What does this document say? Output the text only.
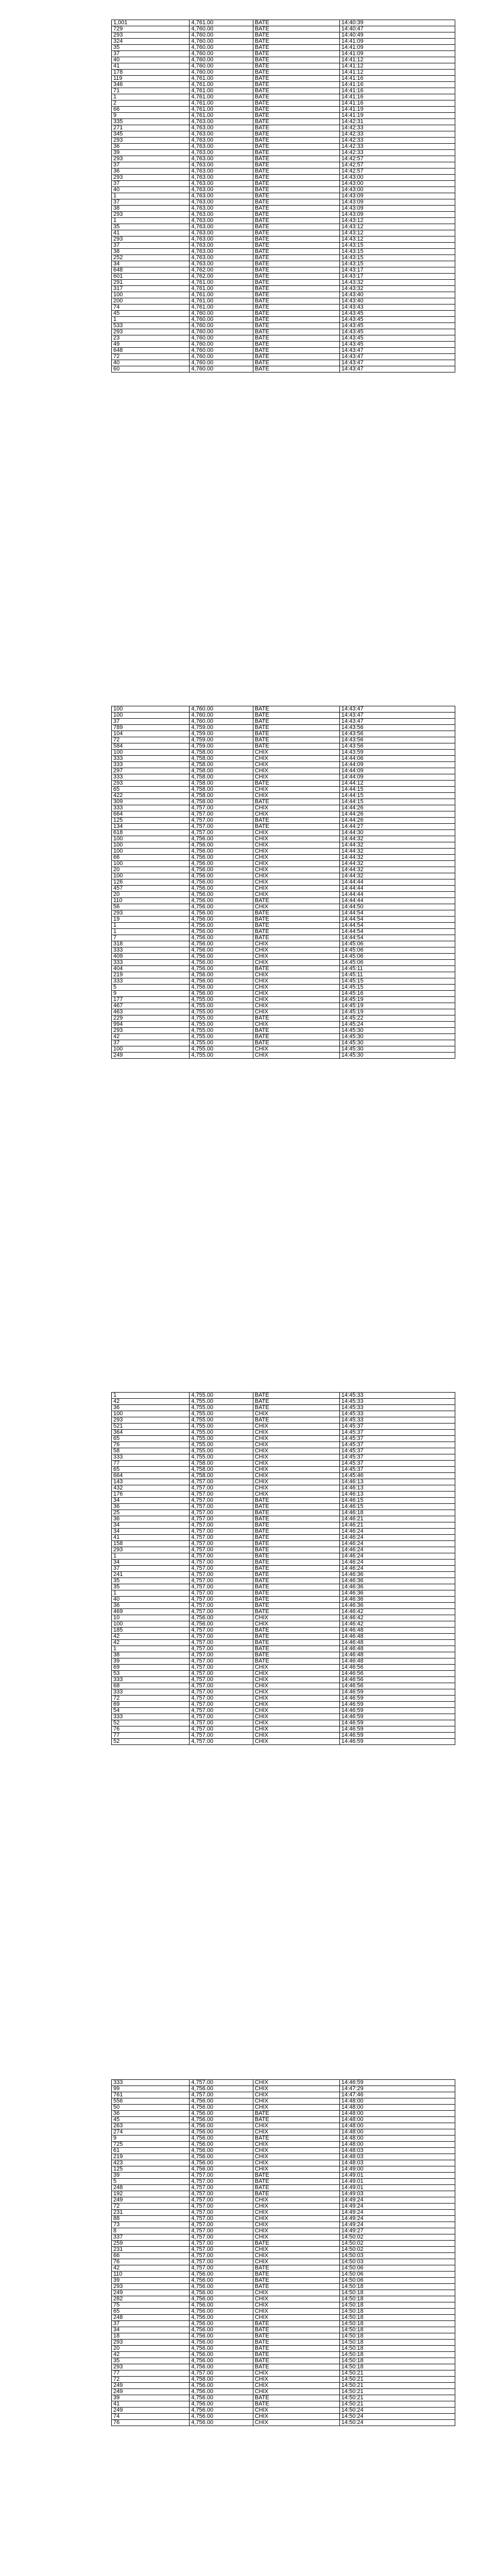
1,001	4,761.00	BATE	14:40:39
729	4,760.00	BATE	14:40:47
293	4,760.00	BATE	14:40:49
324	4,760.00	BATE	14:41:09
35	4,760.00	BATE	14:41:09
37	4,760.00	BATE	14:41:09
40	4,760.00	BATE	14:41:12
41	4,760.00	BATE	14:41:12
178	4,760.00	BATE	14:41:12
119	4,761.00	BATE	14:41:16
346	4,761.00	BATE	14:41:16
71	4,761.00	BATE	14:41:16
1	4,761.00	BATE	14:41:16
2	4,761.00	BATE	14:41:16
66	4,761.00	BATE	14:41:19
9	4,761.00	BATE	14:41:19
335	4,763.00	BATE	14:42:31
271	4,763.00	BATE	14:42:33
345	4,763.00	BATE	14:42:33
293	4,763.00	BATE	14:42:33
36	4,763.00	BATE	14:42:33
39	4,763.00	BATE	14:42:33
293	4,763.00	BATE	14:42:57
37	4,763.00	BATE	14:42:57
36	4,763.00	BATE	14:42:57
293	4,763.00	BATE	14:43:00
37	4,763.00	BATE	14:43:00
40	4,763.00	BATE	14:43:00
1	4,763.00	BATE	14:43:09
37	4,763.00	BATE	14:43:09
38	4,763.00	BATE	14:43:09
293	4,763.00	BATE	14:43:09
1	4,763.00	BATE	14:43:12
35	4,763.00	BATE	14:43:12
41	4,763.00	BATE	14:43:12
293	4,763.00	BATE	14:43:12
37	4,763.00	BATE	14:43:15
38	4,763.00	BATE	14:43:15
252	4,763.00	BATE	14:43:15
34	4,763.00	BATE	14:43:15
648	4,762.00	BATE	14:43:17
601	4,762.00	BATE	14:43:17
291	4,761.00	BATE	14:43:32
317	4,761.00	BATE	14:43:32
100	4,761.00	BATE	14:43:40
200	4,761.00	BATE	14:43:40
74	4,761.00	BATE	14:43:43
45	4,760.00	BATE	14:43:45
1	4,760.00	BATE	14:43:45
533	4,760.00	BATE	14:43:45
293	4,760.00	BATE	14:43:45
23	4,760.00	BATE	14:43:45
49	4,760.00	BATE	14:43:45
648	4,760.00	BATE	14:43:47
72	4,760.00	BATE	14:43:47
40	4,760.00	BATE	14:43:47
60	4,760.00	BATE	14:43:47
100	4,760.00	BATE	14:43:47
100	4,760.00	BATE	14:43:47
37	4,760.00	BATE	14:43:47
789	4,759.00	BATE	14:43:56
104	4,759.00	BATE	14:43:56
72	4,759.00	BATE	14:43:56
584	4,759.00	BATE	14:43:56
100	4,758.00	CHIX	14:43:59
333	4,758.00	CHIX	14:44:06
333	4,758.00	CHIX	14:44:09
297	4,758.00	CHIX	14:44:09
333	4,758.00	CHIX	14:44:09
293	4,758.00	BATE	14:44:12
65	4,758.00	CHIX	14:44:15
422	4,758.00	CHIX	14:44:15
309	4,758.00	BATE	14:44:15
333	4,757.00	CHIX	14:44:26
664	4,757.00	CHIX	14:44:26
125	4,757.00	BATE	14:44:26
134	4,757.00	BATE	14:44:27
618	4,757.00	CHIX	14:44:30
100	4,756.00	CHIX	14:44:32
100	4,756.00	CHIX	14:44:32
100	4,756.00	CHIX	14:44:32
66	4,756.00	CHIX	14:44:32
100	4,756.00	CHIX	14:44:32
20	4,756.00	CHIX	14:44:32
100	4,756.00	CHIX	14:44:32
126	4,756.00	CHIX	14:44:44
457	4,756.00	CHIX	14:44:44
20	4,756.00	CHIX	14:44:44
110	4,756.00	BATE	14:44:44
56	4,756.00	CHIX	14:44:50
293	4,756.00	BATE	14:44:54
19	4,756.00	BATE	14:44:54
1	4,756.00	BATE	14:44:54
1	4,756.00	BATE	14:44:54
7	4,756.00	BATE	14:44:54
318	4,756.00	CHIX	14:45:06
333	4,756.00	CHIX	14:45:06
409	4,756.00	CHIX	14:45:06
333	4,756.00	CHIX	14:45:06
404	4,756.00	BATE	14:45:11
219	4,756.00	CHIX	14:45:11
333	4,756.00	CHIX	14:45:15
5	4,756.00	CHIX	14:45:15
9	4,756.00	CHIX	14:45:16
177	4,755.00	CHIX	14:45:19
467	4,755.00	CHIX	14:45:19
463	4,755.00	CHIX	14:45:19
229	4,755.00	BATE	14:45:22
994	4,755.00	CHIX	14:45:24
293	4,755.00	BATE	14:45:30
42	4,755.00	BATE	14:45:30
37	4,755.00	BATE	14:45:30
100	4,755.00	CHIX	14:45:30
249	4,755.00	CHIX	14:45:30
1	4,755.00	BATE	14:45:33
42	4,755.00	BATE	14:45:33
36	4,755.00	BATE	14:45:33
100	4,755.00	CHIX	14:45:33
293	4,755.00	BATE	14:45:33
521	4,755.00	CHIX	14:45:37
364	4,755.00	CHIX	14:45:37
65	4,755.00	CHIX	14:45:37
76	4,755.00	CHIX	14:45:37
58	4,755.00	CHIX	14:45:37
333	4,755.00	CHIX	14:45:37
77	4,758.00	CHIX	14:45:37
65	4,758.00	CHIX	14:45:37
664	4,758.00	CHIX	14:45:46
143	4,757.00	CHIX	14:46:13
432	4,757.00	CHIX	14:46:13
176	4,757.00	CHIX	14:46:13
34	4,757.00	BATE	14:46:15
36	4,757.00	BATE	14:46:15
25	4,757.00	BATE	14:46:18
36	4,757.00	BATE	14:46:21
34	4,757.00	BATE	14:46:21
34	4,757.00	BATE	14:46:24
41	4,757.00	BATE	14:46:24
158	4,757.00	BATE	14:46:24
293	4,757.00	BATE	14:46:24
1	4,757.00	BATE	14:46:24
34	4,757.00	BATE	14:46:24
37	4,757.00	BATE	14:46:24
241	4,757.00	BATE	14:46:36
35	4,757.00	BATE	14:46:36
35	4,757.00	BATE	14:46:36
1	4,757.00	BATE	14:46:36
40	4,757.00	BATE	14:46:36
36	4,757.00	BATE	14:46:36
469	4,757.00	BATE	14:46:42
10	4,756.00	CHIX	14:46:42
100	4,756.00	CHIX	14:46:42
185	4,757.00	BATE	14:46:48
42	4,757.00	BATE	14:46:48
42	4,757.00	BATE	14:46:48
1	4,757.00	BATE	14:46:48
38	4,757.00	BATE	14:46:48
39	4,757.00	BATE	14:46:48
69	4,757.00	CHIX	14:46:56
53	4,757.00	CHIX	14:46:56
333	4,757.00	CHIX	14:46:56
68	4,757.00	CHIX	14:46:56
333	4,757.00	CHIX	14:46:59
72	4,757.00	CHIX	14:46:59
69	4,757.00	CHIX	14:46:59
54	4,757.00	CHIX	14:46:59
333	4,757.00	CHIX	14:46:59
52	4,757.00	CHIX	14:46:59
76	4,757.00	CHIX	14:46:59
77	4,757.00	CHIX	14:46:59
52	4,757.00	CHIX	14:46:59
333	4,757.00	CHIX	14:46:59
99	4,756.00	CHIX	14:47:29
761	4,757.00	CHIX	14:47:46
556	4,756.00	CHIX	14:48:00
50	4,756.00	CHIX	14:48:00
36	4,756.00	BATE	14:48:00
45	4,756.00	BATE	14:48:00
263	4,756.00	CHIX	14:48:00
274	4,756.00	CHIX	14:48:00
9	4,756.00	BATE	14:48:00
725	4,756.00	CHIX	14:48:00
61	4,756.00	CHIX	14:48:03
219	4,756.00	CHIX	14:48:03
423	4,756.00	CHIX	14:48:03
125	4,756.00	CHIX	14:49:00
39	4,757.00	BATE	14:49:01
5	4,757.00	BATE	14:49:01
248	4,757.00	BATE	14:49:01
192	4,757.00	BATE	14:49:03
249	4,757.00	CHIX	14:49:24
72	4,757.00	CHIX	14:49:24
231	4,757.00	CHIX	14:49:24
88	4,757.00	CHIX	14:49:24
73	4,757.00	CHIX	14:49:24
8	4,757.00	CHIX	14:49:27
337	4,757.00	CHIX	14:50:02
259	4,757.00	BATE	14:50:02
231	4,757.00	CHIX	14:50:02
66	4,757.00	CHIX	14:50:03
76	4,757.00	CHIX	14:50:03
42	4,757.00	BATE	14:50:06
110	4,756.00	BATE	14:50:06
39	4,756.00	BATE	14:50:06
293	4,756.00	BATE	14:50:18
249	4,756.00	CHIX	14:50:18
282	4,756.00	CHIX	14:50:18
75	4,756.00	CHIX	14:50:18
65	4,756.00	CHIX	14:50:18
248	4,756.00	CHIX	14:50:18
37	4,756.00	BATE	14:50:18
34	4,756.00	BATE	14:50:18
18	4,756.00	BATE	14:50:18
293	4,756.00	BATE	14:50:18
20	4,756.00	BATE	14:50:18
42	4,756.00	BATE	14:50:18
35	4,756.00	BATE	14:50:18
293	4,756.00	BATE	14:50:18
77	4,757.00	CHIX	14:50:21
72	4,758.00	CHIX	14:50:21
249	4,756.00	CHIX	14:50:21
249	4,756.00	CHIX	14:50:21
39	4,756.00	BATE	14:50:21
41	4,756.00	BATE	14:50:21
249	4,756.00	CHIX	14:50:24
74	4,756.00	CHIX	14:50:24
76	4,756.00	CHIX	14:50:24
